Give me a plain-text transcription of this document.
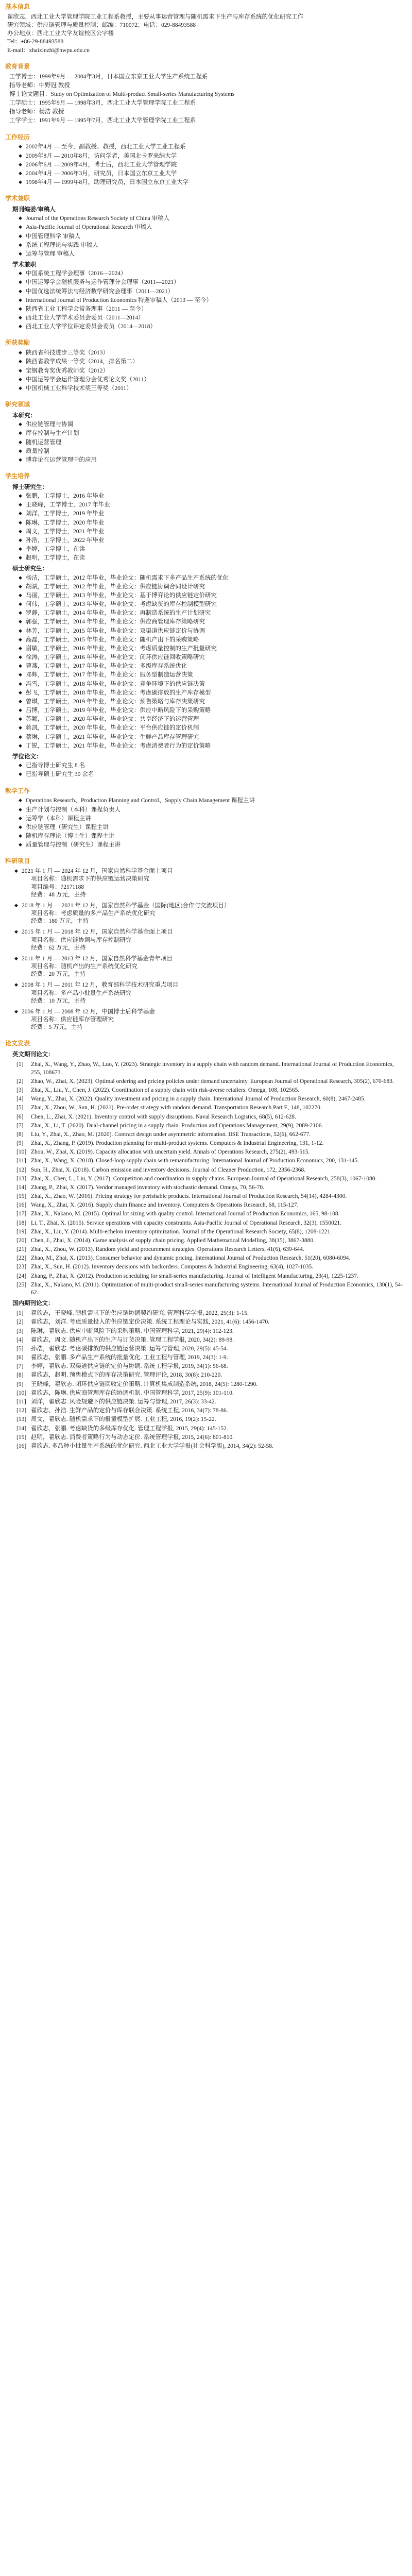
基本信息
翟欣志，西北工业大学管理学院工业工程系教授，主要从事运营管理与随机需求下生产与库存系统的优化研究工作
研究领域：供应链管理与质量控制；邮编：710072；电话：029-88493588
办公地点：西北工业大学友谊校区公字楼
Tel：+86-29-88493588
E-mail：zhaixinzhi@nwpu.edu.cn
教育背景
工学博士：1999年9月 — 2004年3月，日本国立东京工业大学生产系统工程系
指导老师：中野冠 教授
博士论文题目：Study on Optimization of Multi-product Small-series Manufacturing Systems
工学硕士：1995年9月 — 1998年3月，西北工业大学管理学院工业工程系
指导老师：杨浩 教授
工学学士：1991年9月 — 1995年7月，西北工业大学管理学院工业工程系
工作经历
◆ 2002年4月 — 至今，副教授、教授，西北工业大学工业工程系
◆ 2009年8月 — 2010年8月，访问学者，美国北卡罗来纳大学
◆ 2006年6月 — 2009年4月，博士后，西北工业大学管理学院
◆ 2004年4月 — 2006年3月，研究员，日本国立东京工业大学
◆ 1998年4月 — 1999年8月，助理研究员，日本国立东京工业大学
学术兼职
期刊编委/审稿人
◆ Journal of the Operations Research Society of China 审稿人
◆ Asia-Pacific Journal of Operational Research 审稿人
◆ 中国管理科学 审稿人
◆ 系统工程理论与实践 审稿人
◆ 运筹与管理 审稿人
学术兼职
◆ 中国系统工程学会理事（2016—2024）
◆ 中国运筹学会随机服务与运作管理分会理事（2011—2021）
◆ 中国优选法统筹法与经济数学研究会理事（2011—2021）
◆ International Journal of Production Economics 特邀审稿人（2013 — 至今）
◆ 陕西省工业工程学会常务理事（2011 — 至今）
◆ 西北工业大学学术委员会委员（2011—2014）
◆ 西北工业大学学位评定委员会委员（2014—2018）
所获奖励
◆ 陕西省科技进步三等奖（2013）
◆ 陕西省教学成果一等奖（2014，排名第二）
◆ 宝钢教育奖优秀教师奖（2012）
◆ 中国运筹学会运作管理分会优秀论文奖（2011）
◆ 中国机械工业科学技术奖三等奖（2011）
研究领域
本研究：
◆ 供应链管理与协调
◆ 库存控制与生产计划
◆ 随机运营管理
◆ 质量控制
◆ 博弈论在运营管理中的应用
学生培养
博士研究生：
◆ 张鹏，工学博士，2016 年毕业
◆ 王晓峰，工学博士，2017 年毕业
◆ 刘洋，工学博士，2019 年毕业
◆ 陈琳，工学博士，2020 年毕业
◆ 周文，工学博士，2021 年毕业
◆ 孙浩，工学博士，2022 年毕业
◆ 李婷，工学博士，在读
◆ 赵明，工学博士，在读
硕士研究生：
◆ 杨洁，工学硕士，2012 年毕业，毕业论文：随机需求下多产品生产系统的优化
◆ 胡斌，工学硕士，2012 年毕业，毕业论文：供应链协调合同设计研究
◆ 马丽，工学硕士，2013 年毕业，毕业论文：基于博弈论的供应链定价研究
◆ 何伟，工学硕士，2013 年毕业，毕业论文：考虑缺货的库存控制模型研究
◆ 罗静，工学硕士，2014 年毕业，毕业论文：再制造系统的生产计划研究
◆ 郭强，工学硕士，2014 年毕业，毕业论文：供应商管理库存策略研究
◆ 林芳，工学硕士，2015 年毕业，毕业论文：双渠道供应链定价与协调
◆ 高磊，工学硕士，2015 年毕业，毕业论文：随机产出下的采购策略
◆ 谢敏，工学硕士，2016 年毕业，毕业论文：考虑质量控制的生产批量研究
◆ 徐涛，工学硕士，2016 年毕业，毕业论文：闭环供应链回收策略研究
◆ 曹燕，工学硕士，2017 年毕业，毕业论文：多级库存系统优化
◆ 邓辉，工学硕士，2017 年毕业，毕业论文：服务型制造运营决策
◆ 冯雪，工学硕士，2018 年毕业，毕业论文：竞争环境下的供应链决策
◆ 彭飞，工学硕士，2018 年毕业，毕业论文：考虑碳排放的生产库存模型
◆ 曾琪，工学硕士，2019 年毕业，毕业论文：预售策略与库存决策研究
◆ 吕博，工学硕士，2019 年毕业，毕业论文：供应中断风险下的采购策略
◆ 苏颖，工学硕士，2020 年毕业，毕业论文：共享经济下的运营管理
◆ 蒋凯，工学硕士，2020 年毕业，毕业论文：平台供应链的定价机制
◆ 蔡琳，工学硕士，2021 年毕业，毕业论文：生鲜产品库存管理研究
◆ 丁锐，工学硕士，2021 年毕业，毕业论文：考虑消费者行为的定价策略
学位论文：
◆ 已指导博士研究生 8 名
◆ 已指导硕士研究生 30 余名
教学工作
◆ Operations Research、Production Planning and Control、Supply Chain Management 课程主讲
◆ 生产计划与控制（本科）课程负责人
◆ 运筹学（本科）课程主讲
◆ 供应链管理（研究生）课程主讲
◆ 随机库存理论（博士生）课程主讲
◆ 质量管理与控制（研究生）课程主讲
科研项目
◆ 2021 年 1 月 — 2024 年 12 月，国家自然科学基金面上项目
项目名称：随机需求下的供应链运营决策研究
项目编号：72171188
经费：48 万元，主持
◆ 2018 年 1 月 — 2021 年 12 月，国家自然科学基金（国际(地区)合作与交流项目）
项目名称：考虑质量的多产品生产系统优化研究
经费：180 万元，主持
◆ 2015 年 1 月 — 2018 年 12 月，国家自然科学基金面上项目
项目名称：供应链协调与库存控制研究
经费：62 万元，主持
◆ 2011 年 1 月 — 2013 年 12 月，国家自然科学基金青年项目
项目名称：随机产出的生产系统优化研究
经费：20 万元，主持
◆ 2008 年 1 月 — 2011 年 12 月，教育部科学技术研究重点项目
项目名称：多产品小批量生产系统研究
经费：10 万元，主持
◆ 2006 年 1 月 — 2008 年 12 月，中国博士后科学基金
项目名称：供应链库存管理研究
经费：5 万元，主持
论文发表
英文期刊论文：
[1]	Zhai, X., Wang, Y., Zhao, W., Luo, Y. (2023). Strategic inventory in a supply chain with random demand. International Journal of Production Economics, 255, 108673.
[2]	Zhao, W., Zhai, X. (2023). Optimal ordering and pricing policies under demand uncertainty. European Journal of Operational Research, 305(2), 670-683.
[3]	Zhai, X., Liu, Y., Chen, J. (2022). Coordination of a supply chain with risk-averse retailers. Omega, 108, 102565.
[4]	Wang, Y., Zhai, X. (2022). Quality investment and pricing in a supply chain. International Journal of Production Research, 60(8), 2467-2485.
[5]	Zhai, X., Zhou, W., Sun, H. (2021). Pre-order strategy with random demand. Transportation Research Part E, 148, 102270.
[6]	Chen, L., Zhai, X. (2021). Inventory control with supply disruptions. Naval Research Logistics, 68(5), 612-628.
[7]	Zhai, X., Li, T. (2020). Dual-channel pricing in a supply chain. Production and Operations Management, 29(9), 2089-2106.
[8]	Liu, Y., Zhai, X., Zhao, M. (2020). Contract design under asymmetric information. IISE Transactions, 52(6), 662-677.
[9]	Zhai, X., Zhang, P. (2019). Production planning for multi-product systems. Computers & Industrial Engineering, 131, 1-12.
[10] Zhou, W., Zhai, X. (2019). Capacity allocation with uncertain yield. Annals of Operations Research, 275(2), 493-515.
[11] Zhai, X., Wang, X. (2018). Closed-loop supply chain with remanufacturing. International Journal of Production Economics, 200, 131-145.
[12] Sun, H., Zhai, X. (2018). Carbon emission and inventory decisions. Journal of Cleaner Production, 172, 2356-2368.
[13] Zhai, X., Chen, L., Liu, Y. (2017). Competition and coordination in supply chains. European Journal of Operational Research, 258(3), 1067-1080.
[14] Zhang, P., Zhai, X. (2017). Vendor managed inventory with stochastic demand. Omega, 70, 56-70.
[15] Zhai, X., Zhao, W. (2016). Pricing strategy for perishable products. International Journal of Production Research, 54(14), 4284-4300.
[16] Wang, X., Zhai, X. (2016). Supply chain finance and inventory. Computers & Operations Research, 68, 115-127.
[17] Zhai, X., Nakano, M. (2015). Optimal lot sizing with quality control. International Journal of Production Economics, 165, 98-108.
[18] Li, T., Zhai, X. (2015). Service operations with capacity constraints. Asia-Pacific Journal of Operational Research, 32(3), 1550021.
[19] Zhai, X., Liu, Y. (2014). Multi-echelon inventory optimization. Journal of the Operational Research Society, 65(8), 1208-1221.
[20] Chen, J., Zhai, X. (2014). Game analysis of supply chain pricing. Applied Mathematical Modelling, 38(15), 3867-3880.
[21] Zhai, X., Zhou, W. (2013). Random yield and procurement strategies. Operations Research Letters, 41(6), 639-644.
[22] Zhao, M., Zhai, X. (2013). Consumer behavior and dynamic pricing. International Journal of Production Research, 51(20), 6080-6094.
[23] Zhai, X., Sun, H. (2012). Inventory decisions with backorders. Computers & Industrial Engineering, 63(4), 1027-1035.
[24] Zhang, P., Zhai, X. (2012). Production scheduling for small-series manufacturing. Journal of Intelligent Manufacturing, 23(4), 1225-1237.
[25] Zhai, X., Nakano, M. (2011). Optimization of multi-product small-series manufacturing systems. International Journal of Production Economics, 130(1), 54-62.
国内期刊论文：
[1]	翟欣志，王晓峰. 随机需求下的供应链协调契约研究. 管理科学学报, 2022, 25(3): 1-15.
[2]	翟欣志，刘洋. 考虑质量投入的供应链定价决策. 系统工程理论与实践, 2021, 41(6): 1456-1470.
[3]	陈琳，翟欣志. 供应中断风险下的采购策略. 中国管理科学, 2021, 29(4): 112-123.
[4]	翟欣志，周文. 随机产出下的生产与订货决策. 管理工程学报, 2020, 34(2): 89-98.
[5]	孙浩，翟欣志. 考虑碳排放的供应链运营决策. 运筹与管理, 2020, 29(5): 45-54.
[6]	翟欣志，张鹏. 多产品生产系统的批量优化. 工业工程与管理, 2019, 24(3): 1-9.
[7]	李婷，翟欣志. 双渠道供应链的定价与协调. 系统工程学报, 2019, 34(1): 56-68.
[8]	翟欣志，赵明. 预售模式下的库存决策研究. 管理评论, 2018, 30(8): 210-220.
[9]	王晓峰，翟欣志. 闭环供应链回收定价策略. 计算机集成制造系统, 2018, 24(5): 1280-1290.
[10] 翟欣志，陈琳. 供应商管理库存的协调机制. 中国管理科学, 2017, 25(9): 101-110.
[11] 刘洋，翟欣志. 风险规避下的供应链决策. 运筹与管理, 2017, 26(3): 33-42.
[12] 翟欣志，孙浩. 生鲜产品的定价与库存联合决策. 系统工程, 2016, 34(7): 78-86.
[13] 周文，翟欣志. 随机需求下的报童模型扩展. 工业工程, 2016, 19(2): 15-22.
[14] 翟欣志，张鹏. 考虑缺货的多级库存优化. 管理工程学报, 2015, 29(4): 145-152.
[15] 赵明，翟欣志. 消费者策略行为与动态定价. 系统管理学报, 2015, 24(6): 801-810.
[16] 翟欣志. 多品种小批量生产系统的优化研究. 西北工业大学学报(社会科学版), 2014, 34(2): 52-58.
